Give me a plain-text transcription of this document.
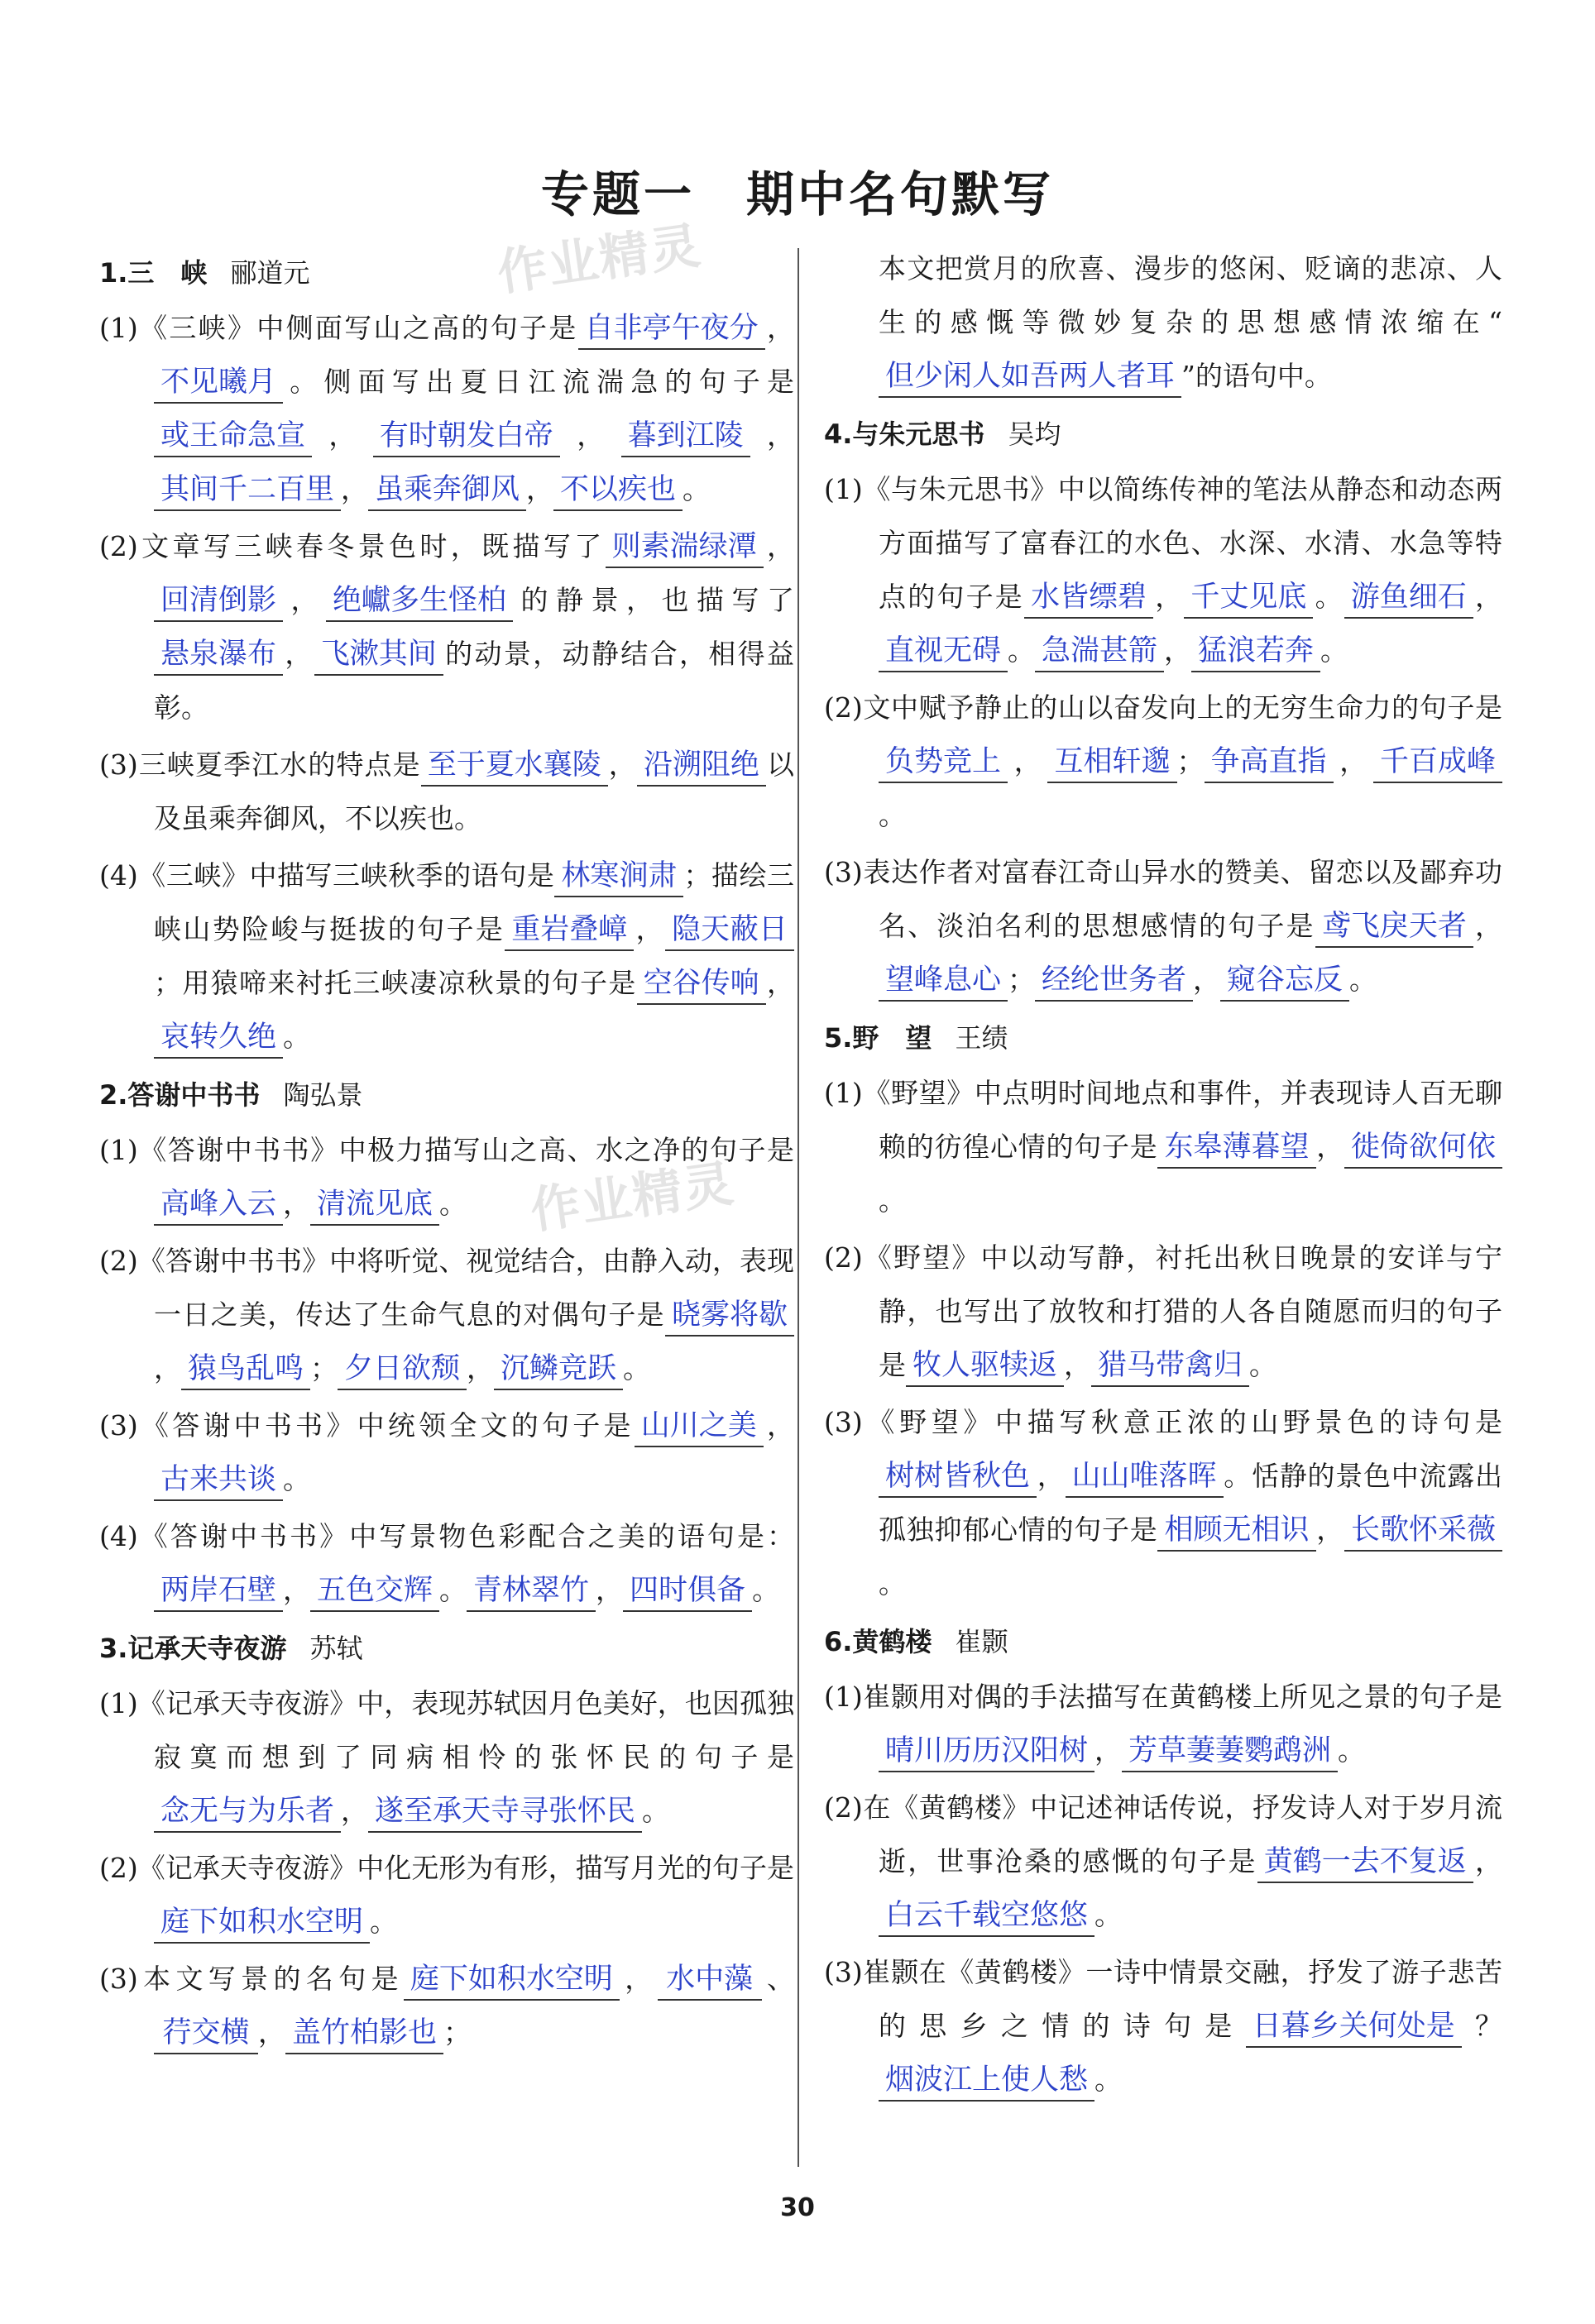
专题一　期中名句默写
作业精灵
作业精灵
1.三　峡 郦道元
(1)《三峡》中侧面写山之高的句子是 自非亭午夜分 ，不见曦月 。侧面写出夏日江流湍急的句子是或王命急宣 ， 有时朝发白帝 ， 暮到江陵 ，其间千二百里 ， 虽乘奔御风 ， 不以疾也 。
(2)文章写三峡春冬景色时，既描写了 则素湍绿潭 ，回清倒影 ， 绝巘多生怪柏 的静景，也描写了悬泉瀑布 ， 飞漱其间 的动景，动静结合，相得益彰。
(3)三峡夏季江水的特点是 至于夏水襄陵 ， 沿溯阻绝 以及虽乘奔御风，不以疾也。
(4)《三峡》中描写三峡秋季的语句是 林寒涧肃 ；描绘三峡山势险峻与挺拔的句子是 重岩叠嶂 ， 隐天蔽日；用猿啼来衬托三峡凄凉秋景的句子是 空谷传响 ，哀转久绝 。
2.答谢中书书 陶弘景
(1)《答谢中书书》中极力描写山之高、水之净的句子是高峰入云 ， 清流见底 。
(2)《答谢中书书》中将听觉、视觉结合，由静入动，表现一日之美，传达了生命气息的对偶句子是 晓雾将歇， 猿鸟乱鸣 ； 夕日欲颓 ， 沉鳞竞跃 。
(3)《答谢中书书》中统领全文的句子是 山川之美 ，古来共谈 。
(4)《答谢中书书》中写景物色彩配合之美的语句是：两岸石壁 ， 五色交辉 。 青林翠竹 ， 四时俱备 。
3.记承天寺夜游 苏轼
(1)《记承天寺夜游》中，表现苏轼因月色美好，也因孤独寂寞而想到了同病相怜的张怀民的句子是念无与为乐者 ， 遂至承天寺寻张怀民 。
(2)《记承天寺夜游》中化无形为有形，描写月光的句子是庭下如积水空明 。
(3)本文写景的名句是 庭下如积水空明 ， 水中藻 、荇交横 ， 盖竹柏影也 ；
本文把赏月的欣喜、漫步的悠闲、贬谪的悲凉、人生的感慨等微妙复杂的思想感情浓缩在“但少闲人如吾两人者耳 ”的语句中。
4.与朱元思书 吴均
(1)《与朱元思书》中以简练传神的笔法从静态和动态两方面描写了富春江的水色、水深、水清、水急等特点的句子是 水皆缥碧 ， 千丈见底 。 游鱼细石 ，直视无碍 。 急湍甚箭 ， 猛浪若奔 。
(2)文中赋予静止的山以奋发向上的无穷生命力的句子是负势竞上 ， 互相轩邈 ； 争高直指 ， 千百成峰。
(3)表达作者对富春江奇山异水的赞美、留恋以及鄙弃功名、淡泊名利的思想感情的句子是 鸢飞戾天者 ，望峰息心 ； 经纶世务者 ， 窥谷忘反 。
5.野　望 王绩
(1)《野望》中点明时间地点和事件，并表现诗人百无聊赖的彷徨心情的句子是 东皋薄暮望 ， 徙倚欲何依。
(2)《野望》中以动写静，衬托出秋日晚景的安详与宁静，也写出了放牧和打猎的人各自随愿而归的句子是 牧人驱犊返 ， 猎马带禽归 。
(3)《野望》中描写秋意正浓的山野景色的诗句是树树皆秋色 ， 山山唯落晖 。恬静的景色中流露出孤独抑郁心情的句子是 相顾无相识 ， 长歌怀采薇。
6.黄鹤楼 崔颢
(1)崔颢用对偶的手法描写在黄鹤楼上所见之景的句子是晴川历历汉阳树 ， 芳草萋萋鹦鹉洲 。
(2)在《黄鹤楼》中记述神话传说，抒发诗人对于岁月流逝，世事沧桑的感慨的句子是 黄鹤一去不复返 ，白云千载空悠悠 。
(3)崔颢在《黄鹤楼》一诗中情景交融，抒发了游子悲苦的思乡之情的诗句是 日暮乡关何处是 ？烟波江上使人愁 。
30
